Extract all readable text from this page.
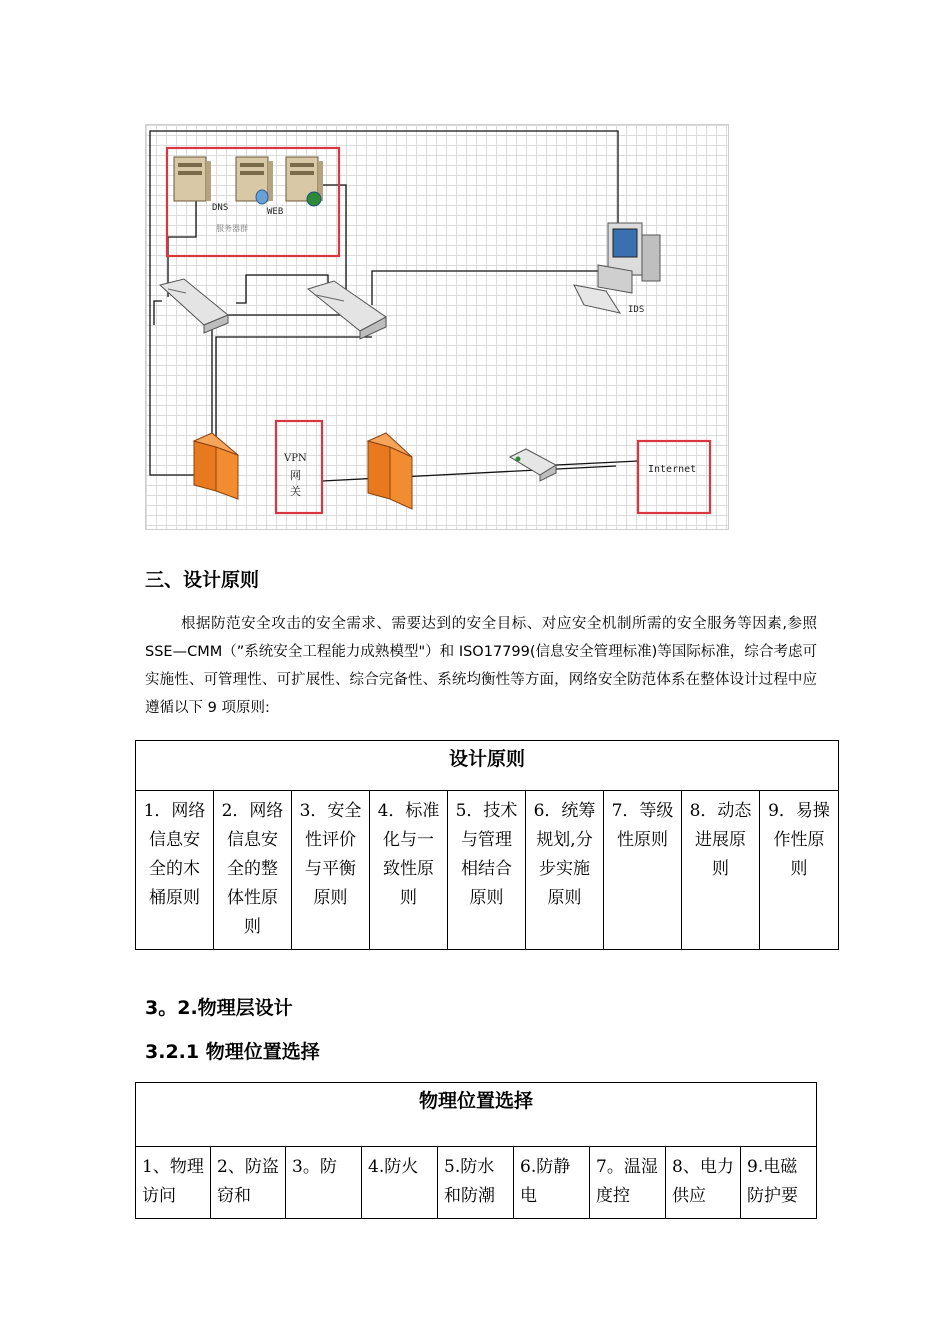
DNS	WEB
服务器群
IDS
VPN
网
关
Internet
三、设计原则
根据防范安全攻击的安全需求、需要达到的安全目标、对应安全机制所需的安全服务等因素,参照 SSE—CMM（”系统安全工程能力成熟模型"）和 ISO17799(信息安全管理标准)等国际标准，综合考虑可实施性、可管理性、可扩展性、综合完备性、系统均衡性等方面，网络安全防范体系在整体设计过程中应遵循以下 9 项原则:
设计原则
1．网络信息安全的木桶原则	2．网络信息安全的整体性原则	3．安全性评价与平衡原则	4．标准化与一致性原则	5．技术与管理相结合原则	6．统筹规划,分步实施原则	7．等级性原则	8．动态进展原则	9．易操作性原则
3。2.物理层设计
3.2.1 物理位置选择
物理位置选择
1、物理访问	2、防盗窃和	3。防	4.防火	5.防水和防潮	6.防静电	7。温湿度控	8、电力供应	9.电磁防护要
